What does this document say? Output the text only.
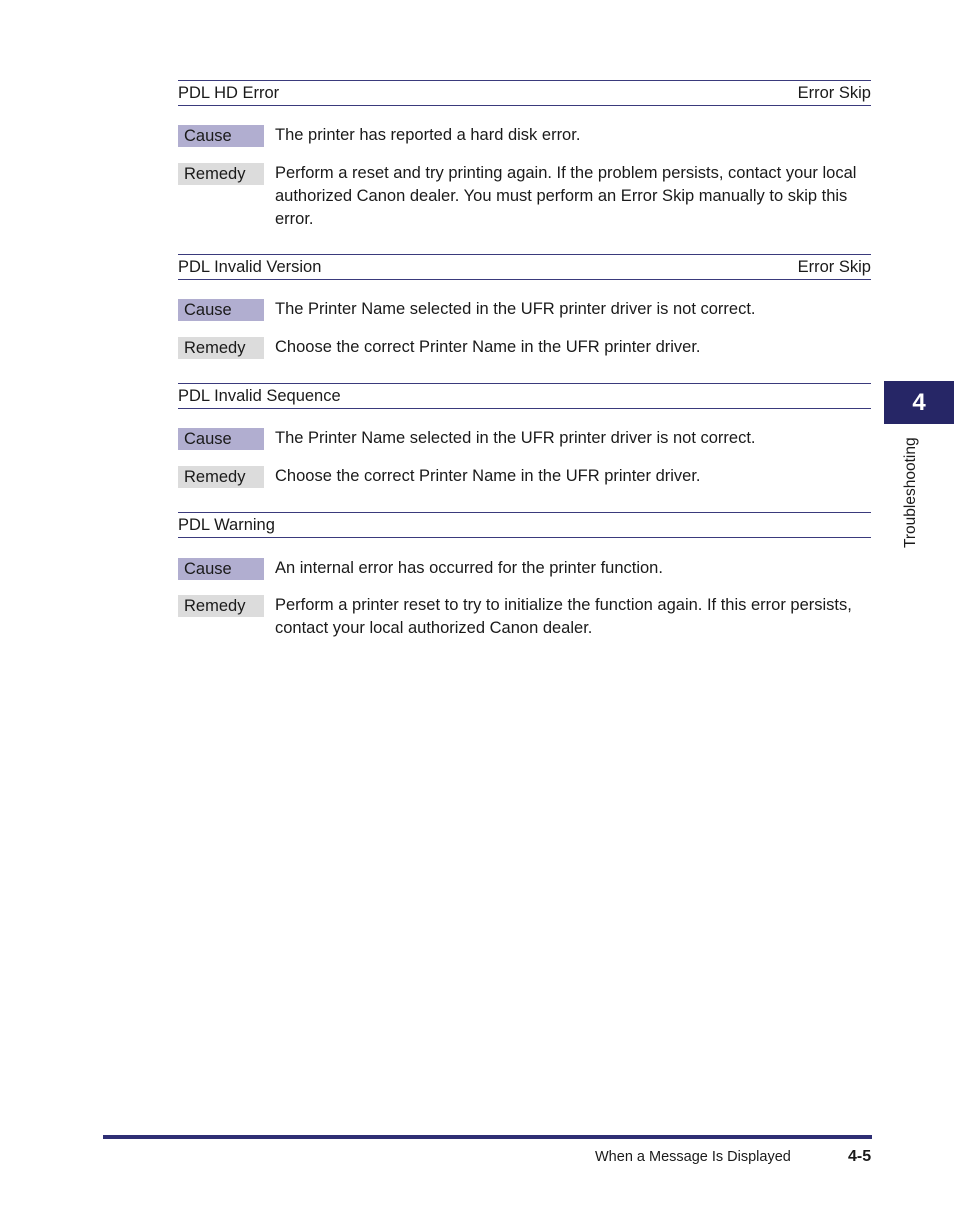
PDL HD Error	Error Skip
Cause	The printer has reported a hard disk error.
Remedy	Perform a reset and try printing again. If the problem persists, contact your local authorized Canon dealer. You must perform an Error Skip manually to skip this error.
PDL Invalid Version	Error Skip
Cause	The Printer Name selected in the UFR printer driver is not correct.
Remedy	Choose the correct Printer Name in the UFR printer driver.
PDL Invalid Sequence
Cause	The Printer Name selected in the UFR printer driver is not correct.
Remedy	Choose the correct Printer Name in the UFR printer driver.
PDL Warning
Cause	An internal error has occurred for the printer function.
Remedy	Perform a printer reset to try to initialize the function again. If this error persists, contact your local authorized Canon dealer.
4
Troubleshooting
When a Message Is Displayed	4-5
